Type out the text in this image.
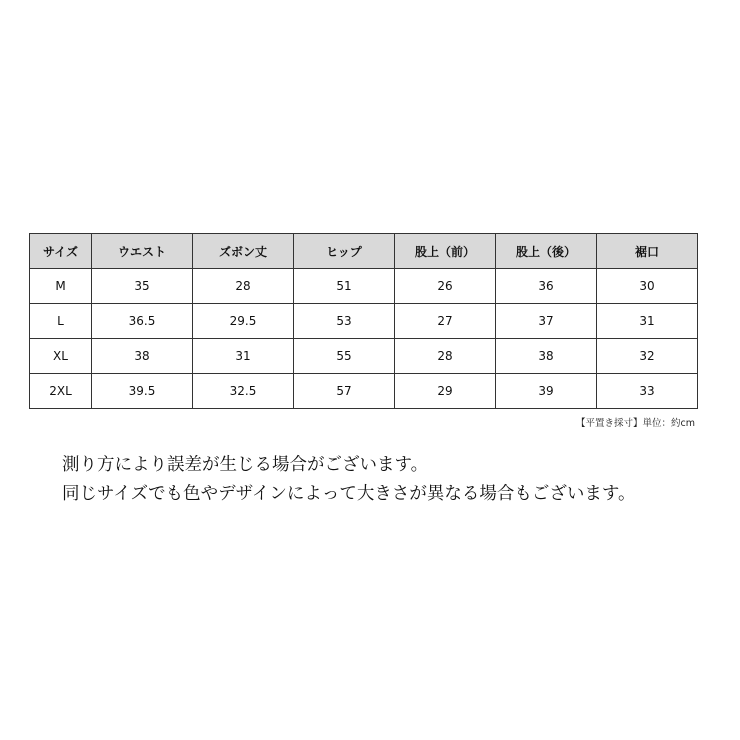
サイズ	ウエスト	ズボン丈	ヒップ	股上（前）	股上（後）	裾口
M	35	28	51	26	36	30
L	36.5	29.5	53	27	37	31
XL	38	31	55	28	38	32
2XL	39.5	32.5	57	29	39	33
【平置き採寸】単位：約cm

測り方により誤差が生じる場合がございます。

同じサイズでも色やデザインによって大きさが異なる場合もございます。
